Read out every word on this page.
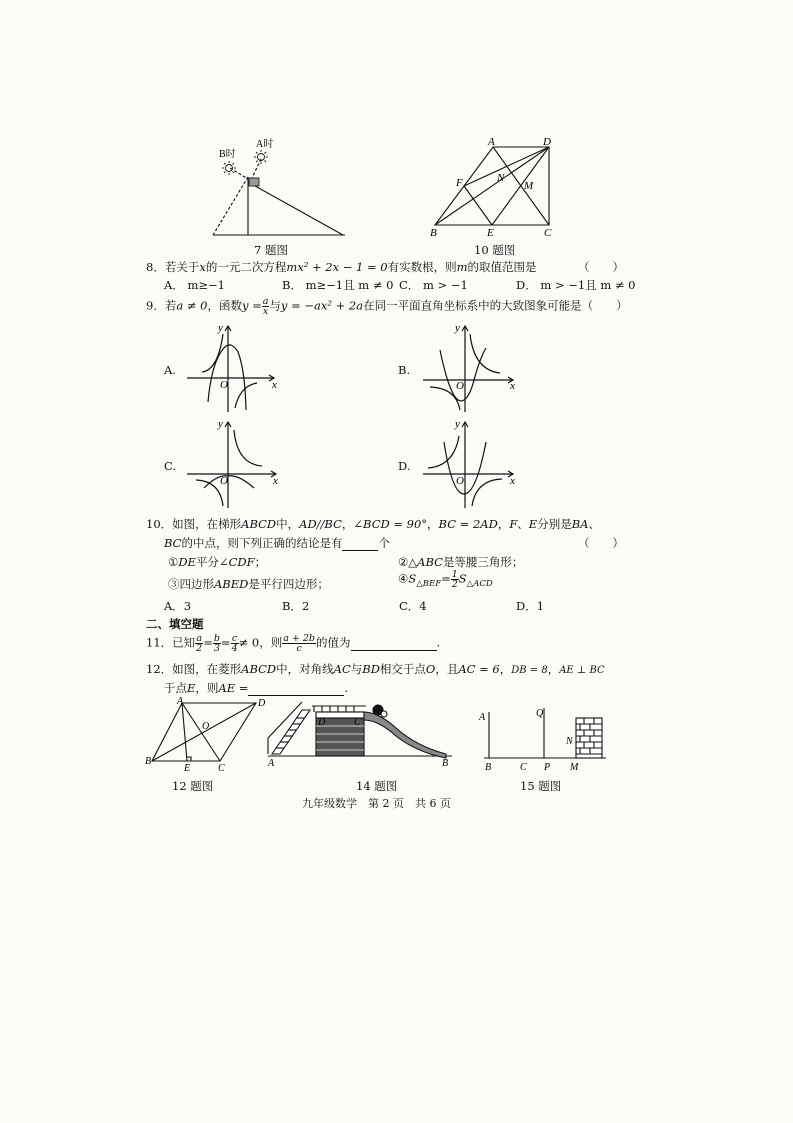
B时
A时
7 题图
A	D
F	N
M
B	E	C
10 题图
8．若关于x的一元二次方程mx² + 2x − 1 = 0有实数根，则m的取值范围是	（　　）
A． m≥−1	B． m≥−1且 m ≠ 0 C． m > −1	D． m > −1且 m ≠ 0
9．若a ≠ 0，函数$y = \frac{a}{x}$ 与y = −ax² + 2a在同一平面直角坐标系中的大致图象可能是（　　）
A.
y
x
O
B.
y
x
O
C.
y
x
O
D.
y
x
O
10．如图，在梯形ABCD中，AD//BC，∠BCD = 90°，BC = 2AD，F、E分别是BA、
BC的中点，则下列正确的结论是有	个	（　　）
①DE平分∠CDF；	②△ABC是等腰三角形；
③四边形ABED是平行四边形；	$④S_{\triangle BEF}= \frac{1}{2} S_{\triangle ACD}$
A．3	B．2	C．4	D．1
二、填空题
11．已知 $\frac{a}{2} = \frac{b}{3} = \frac{c}{4} \ne 0$，则 $\frac{a + 2b}{c}$ 的值为	.
12．如图，在菱形ABCD中，对角线AC与BD相交于点O，且AC = 6，DB = 8，AE ⊥ BC
于点E，则AE =	.
A	D
O
B
E	C
12 题图
D	C
A	B
14 题图
A	Q
N
B	C P M
15 题图
九年级数学　第 2 页　共 6 页
